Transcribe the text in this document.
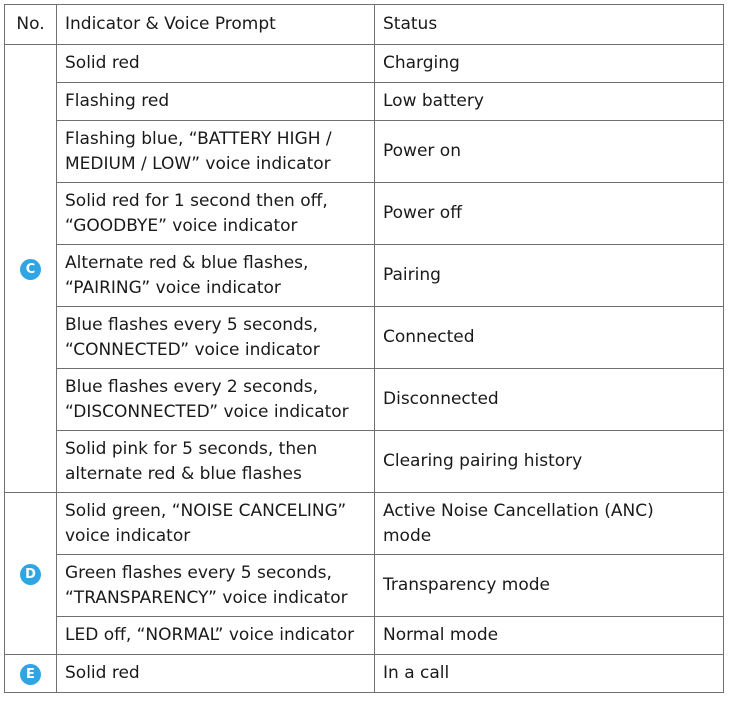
No.	Indicator & Voice Prompt	Status
C	Solid red	Charging
	Flashing red	Low battery
	Flashing blue, “BATTERY HIGH /
MEDIUM / LOW” voice indicator	Power on
	Solid red for 1 second then off,
“GOODBYE” voice indicator	Power off
	Alternate red & blue flashes,
“PAIRING” voice indicator	Pairing
	Blue flashes every 5 seconds,
“CONNECTED” voice indicator	Connected
	Blue flashes every 2 seconds,
“DISCONNECTED” voice indicator	Disconnected
	Solid pink for 5 seconds, then
alternate red & blue flashes	Clearing pairing history
D	Solid green, “NOISE CANCELING”
voice indicator	Active Noise Cancellation (ANC)
mode
	Green flashes every 5 seconds,
“TRANSPARENCY” voice indicator	Transparency mode
	LED off, “NORMAL” voice indicator	Normal mode
E	Solid red	In a call
